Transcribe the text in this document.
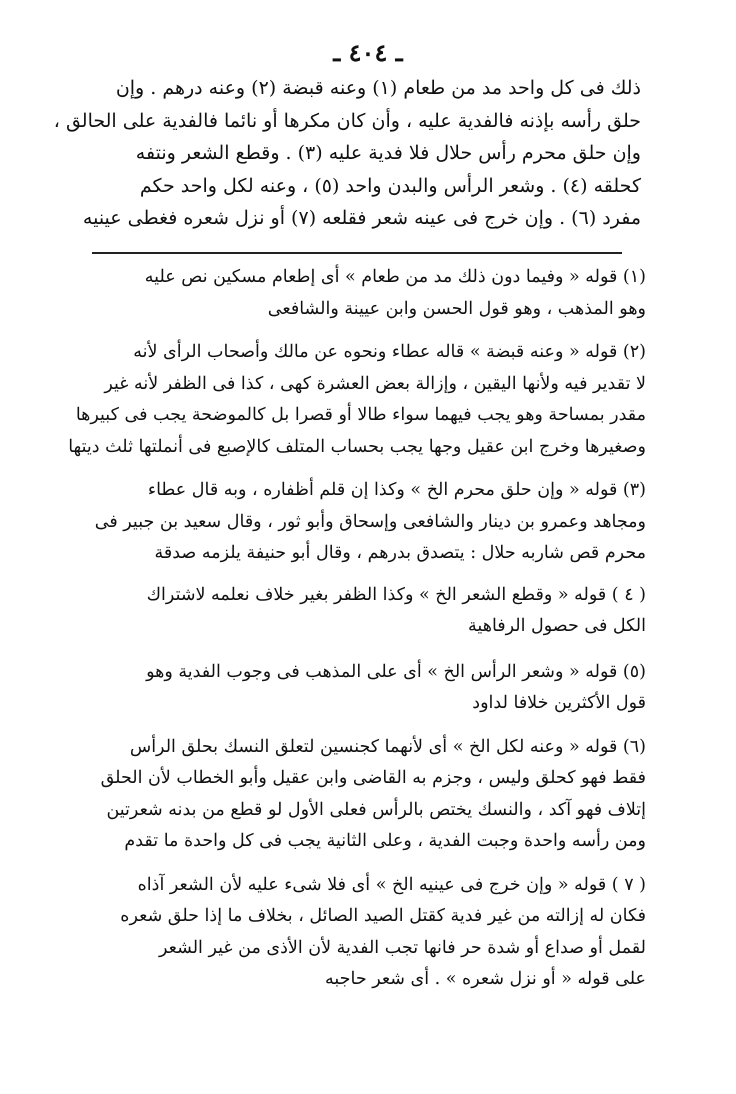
ـ ٤٠٤ ـ
ذلك فى كل واحد مد من طعام (١) وعنه قبضة (٢) وعنه درهم . وإن
حلق رأسه بإذنه فالفدية عليه ، وأن كان مكرها أو نائما فالفدية على الحالق ،
وإن حلق محرم رأس حلال فلا فدية عليه (٣) . وقطع الشعر ونتفه
كحلقه (٤) . وشعر الرأس والبدن واحد (٥) ، وعنه لكل واحد حكم
مفرد (٦) . وإن خرج فى عينه شعر فقلعه (٧) أو نزل شعره فغطى عينيه
(١) قوله « وفيما دون ذلك مد من طعام » أى إطعام مسكين نص عليه
وهو المذهب ، وهو قول الحسن وابن عيينة والشافعى
(٢) قوله « وعنه قبضة » قاله عطاء ونحوه عن مالك وأصحاب الرأى لأنه
لا تقدير فيه ولأنها اليقين ، وإزالة بعض العشرة كهى ، كذا فى الظفر لأنه غير
مقدر بمساحة وهو يجب فيهما سواء طالا أو قصرا بل كالموضحة يجب فى كبيرها
وصغيرها وخرج ابن عقيل وجها يجب بحساب المتلف كالإصبع فى أنملتها ثلث ديتها
(٣) قوله « وإن حلق محرم الخ » وكذا إن قلم أظفاره ، وبه قال عطاء
ومجاهد وعمرو بن دينار والشافعى وإسحاق وأبو ثور ، وقال سعيد بن جبير فى
محرم قص شاربه حلال : يتصدق بدرهم ، وقال أبو حنيفة يلزمه صدقة
( ٤ ) قوله « وقطع الشعر الخ » وكذا الظفر بغير خلاف نعلمه لاشتراك
الكل فى حصول الرفاهية
(٥) قوله « وشعر الرأس الخ » أى على المذهب فى وجوب الفدية وهو
قول الأكثرين خلافا لداود
(٦) قوله « وعنه لكل الخ » أى لأنهما كجنسين لتعلق النسك بحلق الرأس
فقط فهو كحلق وليس ، وجزم به القاضى وابن عقيل وأبو الخطاب لأن الحلق
إتلاف فهو آكد ، والنسك يختص بالرأس فعلى الأول لو قطع من بدنه شعرتين
ومن رأسه واحدة وجبت الفدية ، وعلى الثانية يجب فى كل واحدة ما تقدم
( ٧ ) قوله « وإن خرج فى عينيه الخ » أى فلا شىء عليه لأن الشعر آذاه
فكان له إزالته من غير فدية كقتل الصيد الصائل ، بخلاف ما إذا حلق شعره
لقمل أو صداع أو شدة حر فانها تجب الفدية لأن الأذى من غير الشعر
على قوله « أو نزل شعره » . أى شعر حاجبه
